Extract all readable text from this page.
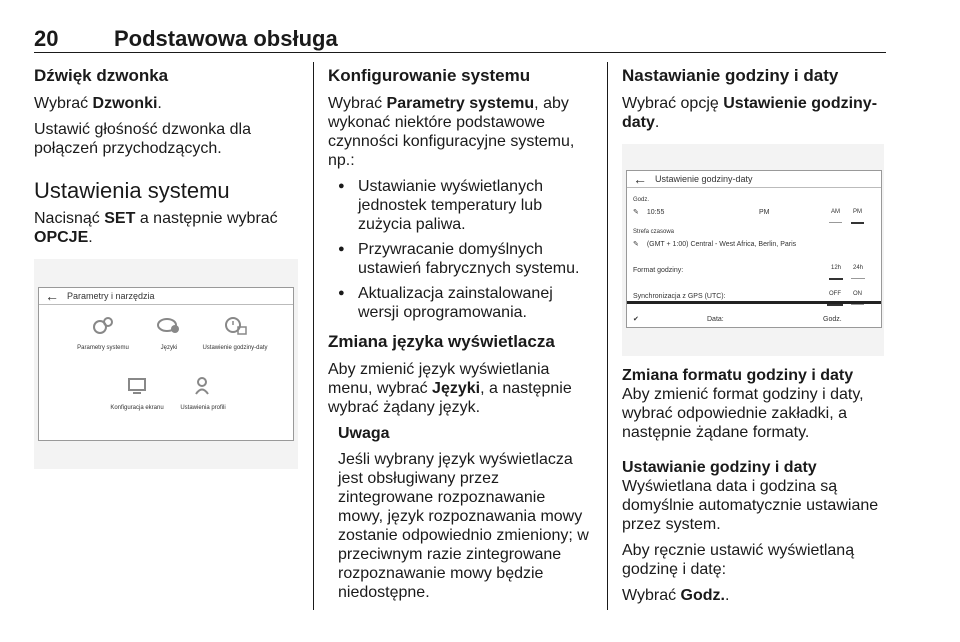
20	Podstawowa obsługa
Dźwięk dzwonka

Wybrać Dzwonki.

Ustawić głośność dzwonka dla połączeń przychodzących.

Ustawienia systemu

Nacisnąć SET a następnie wybrać OPCJE.

← Parametry i narzędzia
Parametry systemu	Języki	Ustawienie godziny-daty
Konfiguracja ekranu	Ustawienia profili
Konfigurowanie systemu

Wybrać Parametry systemu, aby wykonać niektóre podstawowe czynności konfiguracyjne systemu, np.:

● Ustawianie wyświetlanych jednostek temperatury lub zużycia paliwa.
● Przywracanie domyślnych ustawień fabrycznych systemu.
● Aktualizacja zainstalowanej wersji oprogramowania.
Zmiana języka wyświetlacza

Aby zmienić język wyświetlania menu, wybrać Języki, a następnie wybrać żądany język.

Uwaga

Jeśli wybrany język wyświetlacza jest obsługiwany przez zintegrowane rozpoznawanie mowy, język rozpoznawania mowy zostanie odpowiednio zmieniony; w przeciwnym razie zintegrowane rozpoznawanie mowy będzie niedostępne.

Nastawianie godziny i daty

Wybrać opcję Ustawienie godziny-daty.

← Ustawienie godziny-daty
Godz.
✎ 10:55	PM	AM	PM
Strefa czasowa
✎ (GMT + 1:00) Central - West Africa, Berlin, Paris
Format godziny:	12h	24h
Synchronizacja z GPS (UTC):	OFF	ON
✔	Data:	Godz.
Zmiana formatu godziny i daty

Aby zmienić format godziny i daty, wybrać odpowiednie zakładki, a następnie żądane formaty.

Ustawianie godziny i daty

Wyświetlana data i godzina są domyślnie automatycznie ustawiane przez system.

Aby ręcznie ustawić wyświetlaną godzinę i datę:

Wybrać Godz..
